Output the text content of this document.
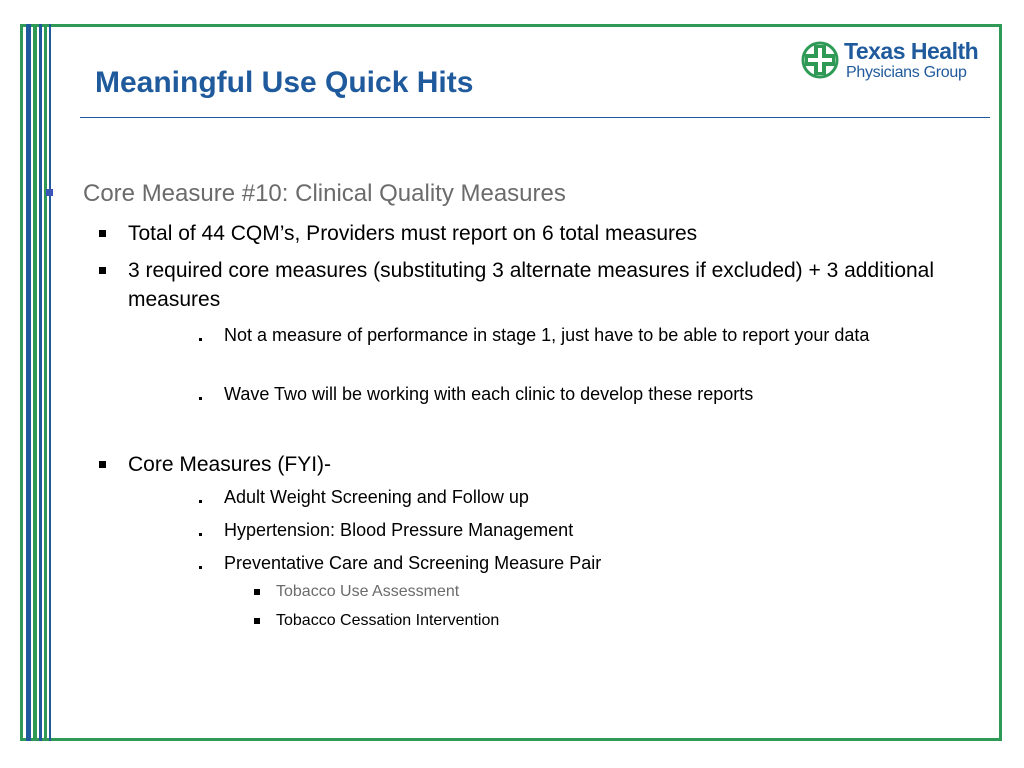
Texas Health
Physicians Group
Meaningful Use Quick Hits
Core Measure #10: Clinical Quality Measures
Total of 44 CQM’s, Providers must report on 6 total measures
3 required core measures (substituting 3 alternate measures if excluded) + 3 additional measures
Not a measure of performance in stage 1, just have to be able to report your data
Wave Two will be working with each clinic to develop these reports
Core Measures (FYI)-
Adult Weight Screening and Follow up
Hypertension: Blood Pressure Management
Preventative Care and Screening Measure Pair
Tobacco Use Assessment
Tobacco Cessation Intervention
